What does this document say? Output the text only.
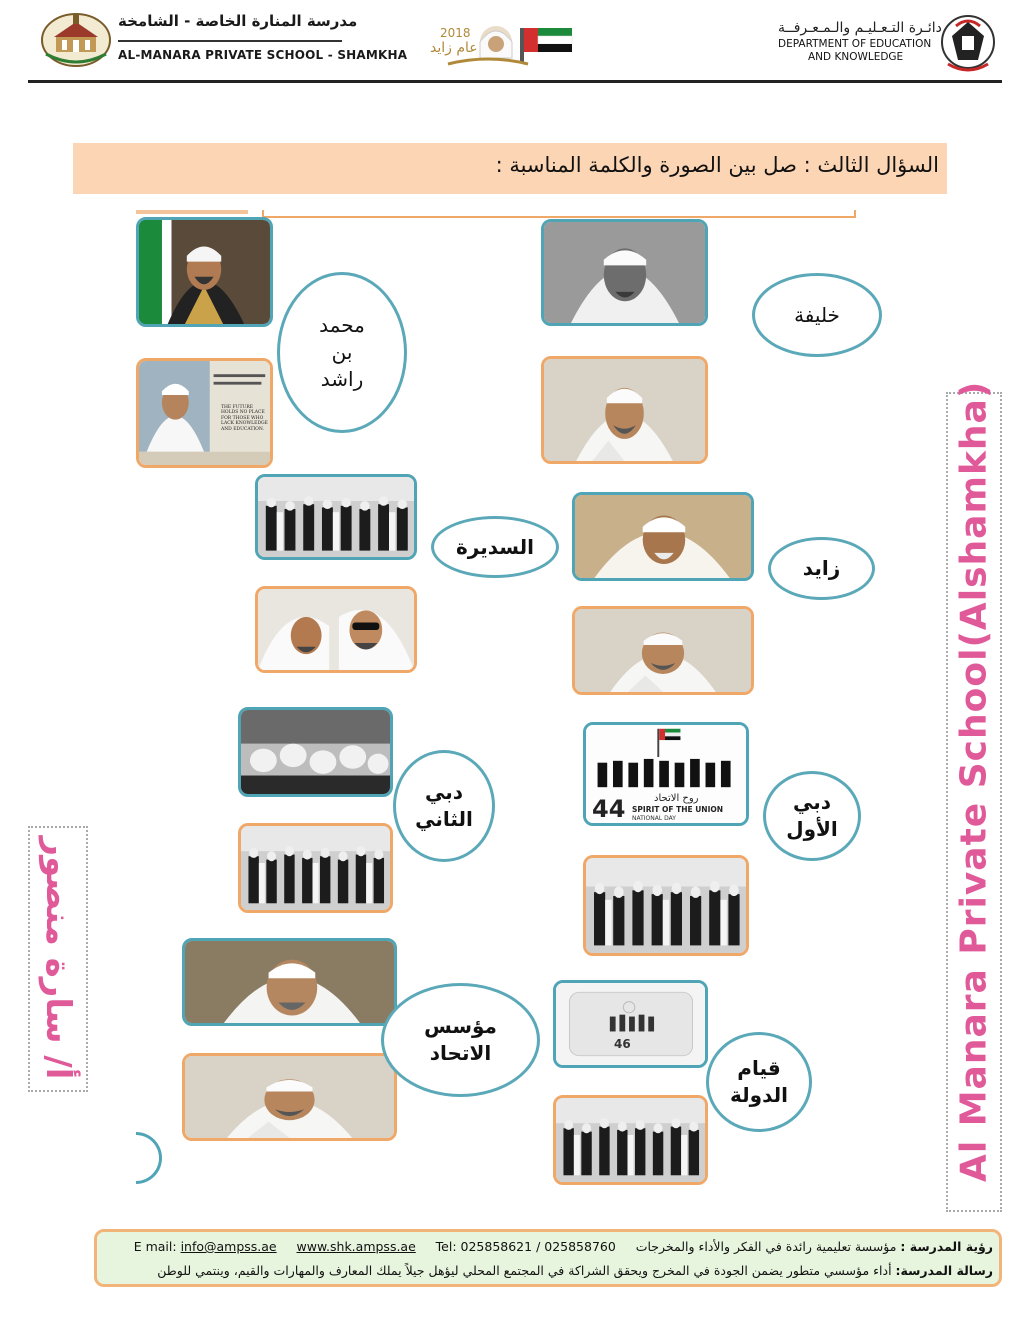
مدرسة المنارة الخاصة - الشامخة
AL-MANARA PRIVATE SCHOOL - SHAMKHA
2018
عام زايد
دائـرة التـعـليـم والـمـعـرفــة
DEPARTMENT OF EDUCATION
AND KNOWLEDGE
السؤال الثالث : صل بين الصورة والكلمة المناسبة :
THE FUTURE HOLDS NO PLACE FOR THOSE WHO LACK KNOWLEDGE AND EDUCATION.
44	روح الاتحاد
SPIRIT OF THE UNION
NATIONAL DAY
46
محمد
بن
راشد
خليفة
السديرة
زايد
دبي
الثاني
دبي
الأول
مؤسس
الاتحاد
قيام
الدولة	Al Manara Private School(Alshamkha)
أ/ سارة منصور
رؤية المدرسة : مؤسسة تعليمية رائدة في الفكر والأداء والمخرجات     E mail: info@ampss.ae www.shk.ampss.ae Tel: 025858621 / 025858760
رسالة المدرسة: أداء مؤسسي متطور يضمن الجودة في المخرج ويحقق الشراكة في المجتمع المحلي ليؤهل جيلاً يملك المعارف والمهارات والقيم، وينتمي للوطن
